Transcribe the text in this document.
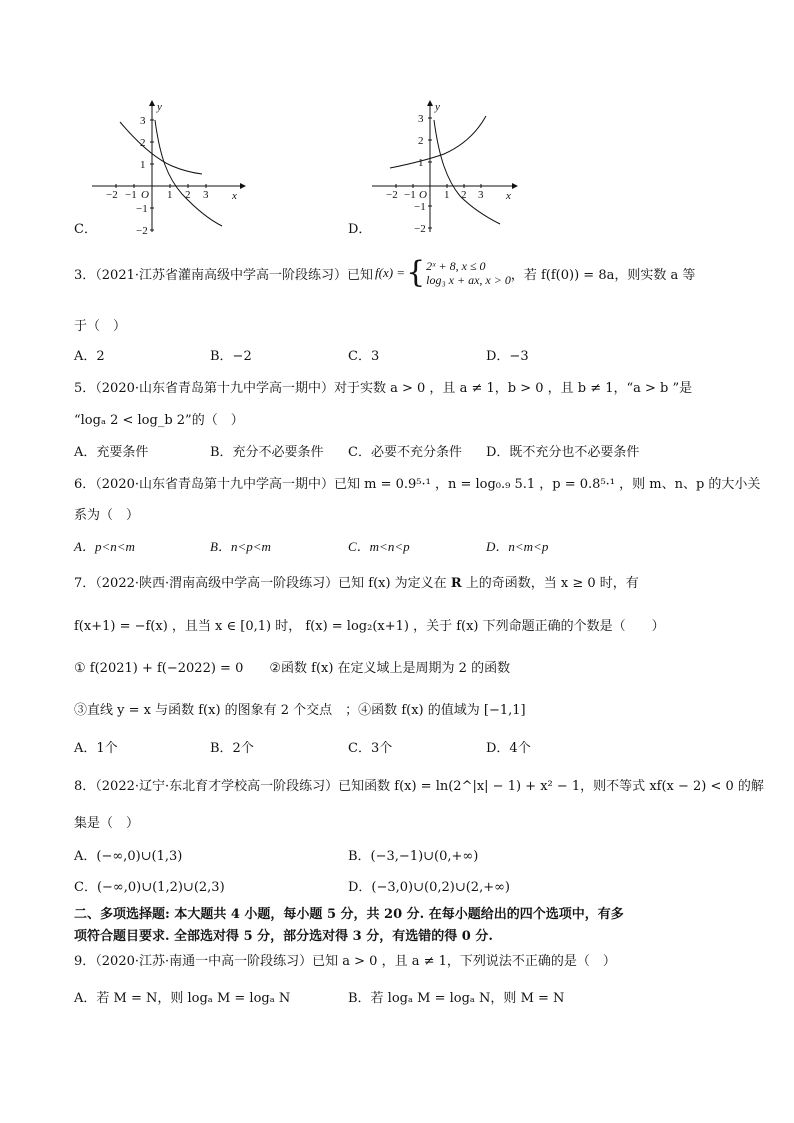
y
x
O
−2 −1	1 2 3
3
2
1
−1
−2
y
x
O
−2 −1	1 2 3
3
2
1
−1
−2
C．	D．
3．（2021·江苏省灌南高级中学高一阶段练习）已知 f(x) = { 2ˣ + 8, x ≤ 0
log₃ x + ax, x > 0 ，若 f(f(0)) = 8a，则实数 a 等
于（　）
A．2	B．−2	C．3	D．−3
5．（2020·山东省青岛第十九中学高一期中）对于实数 a > 0 ，且 a ≠ 1，b > 0 ，且 b ≠ 1，“a > b ”是
“logₐ 2 < log_b 2”的（　）
A．充要条件	B．充分不必要条件 C．必要不充分条件 D．既不充分也不必要条件
6．（2020·山东省青岛第十九中学高一期中）已知 m = 0.9⁵·¹ ，n = log₀.₉ 5.1 ，p = 0.8⁵·¹ ，则 m、n、p 的大小关
系为（　）
A．p<n<m	B．n<p<m	C．m<n<p	D．n<m<p
7．（2022·陕西·渭南高级中学高一阶段练习）已知 f(x) 为定义在 R 上的奇函数，当 x ≥ 0 时，有
f(x+1) = −f(x) ，且当 x ∈ [0,1) 时， f(x) = log₂(x+1) ，关于 f(x) 下列命题正确的个数是（　　）
① f(2021) + f(−2022) = 0　　②函数 f(x) 在定义域上是周期为 2 的函数
③直线 y = x 与函数 f(x) 的图象有 2 个交点　；④函数 f(x) 的值域为 [−1,1]
A．1个	B．2个	C．3个	D．4个
8．（2022·辽宁·东北育才学校高一阶段练习）已知函数 f(x) = ln(2^|x| − 1) + x² − 1，则不等式 xf(x − 2) < 0 的解
集是（　）
A．(−∞,0)∪(1,3)	B．(−3,−1)∪(0,+∞)
C．(−∞,0)∪(1,2)∪(2,3)	D．(−3,0)∪(0,2)∪(2,+∞)
二、多项选择题: 本大题共 4 小题，每小题 5 分，共 20 分. 在每小题给出的四个选项中，有多
项符合题目要求. 全部选对得 5 分，部分选对得 3 分，有选错的得 0 分.
9．（2020·江苏·南通一中高一阶段练习）已知 a > 0 ，且 a ≠ 1，下列说法不正确的是（　）
A．若 M = N，则 logₐ M = logₐ N	B．若 logₐ M = logₐ N，则 M = N
